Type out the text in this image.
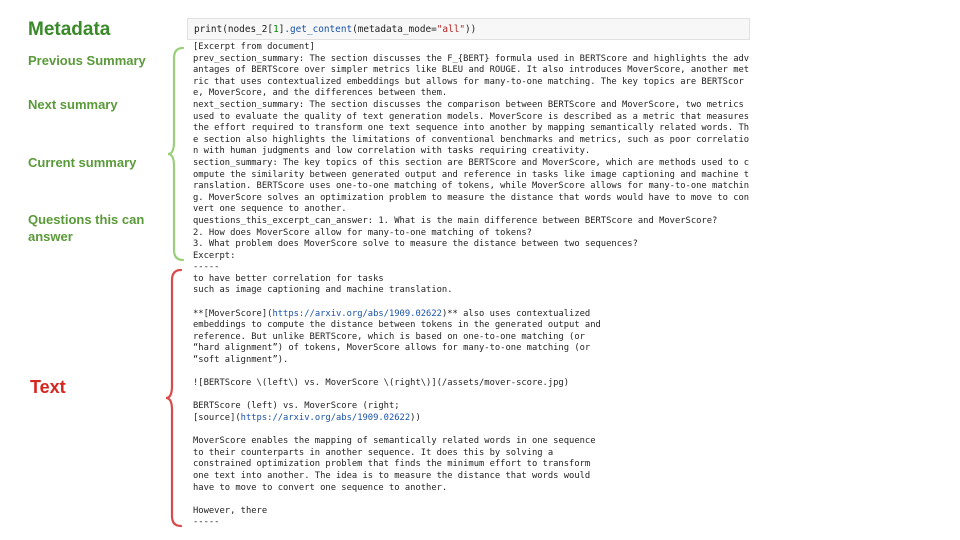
Metadata
Previous Summary
Next summary
Current summary
Questions this can answer
Text
print(nodes_2[1].get_content(metadata_mode="all"))
[Excerpt from document]
prev_section_summary: The section discusses the F_{BERT} formula used in BERTScore and highlights the adv
antages of BERTScore over simpler metrics like BLEU and ROUGE. It also introduces MoverScore, another met
ric that uses contextualized embeddings but allows for many-to-one matching. The key topics are BERTScor
e, MoverScore, and the differences between them.
next_section_summary: The section discusses the comparison between BERTScore and MoverScore, two metrics
used to evaluate the quality of text generation models. MoverScore is described as a metric that measures
the effort required to transform one text sequence into another by mapping semantically related words. Th
e section also highlights the limitations of conventional benchmarks and metrics, such as poor correlatio
n with human judgments and low correlation with tasks requiring creativity.
section_summary: The key topics of this section are BERTScore and MoverScore, which are methods used to c
ompute the similarity between generated output and reference in tasks like image captioning and machine t
ranslation. BERTScore uses one-to-one matching of tokens, while MoverScore allows for many-to-one matchin
g. MoverScore solves an optimization problem to measure the distance that words would have to move to con
vert one sequence to another.
questions_this_excerpt_can_answer: 1. What is the main difference between BERTScore and MoverScore?
2. How does MoverScore allow for many-to-one matching of tokens?
3. What problem does MoverScore solve to measure the distance between two sequences?
Excerpt:
-----
to have better correlation for tasks
such as image captioning and machine translation.

**[MoverScore](https://arxiv.org/abs/1909.02622)** also uses contextualized
embeddings to compute the distance between tokens in the generated output and
reference. But unlike BERTScore, which is based on one-to-one matching (or
“hard alignment”) of tokens, MoverScore allows for many-to-one matching (or
“soft alignment”).

![BERTScore \(left\) vs. MoverScore \(right\)](/assets/mover-score.jpg)

BERTScore (left) vs. MoverScore (right;
[source](https://arxiv.org/abs/1909.02622))

MoverScore enables the mapping of semantically related words in one sequence
to their counterparts in another sequence. It does this by solving a
constrained optimization problem that finds the minimum effort to transform
one text into another. The idea is to measure the distance that words would
have to move to convert one sequence to another.

However, there
-----
